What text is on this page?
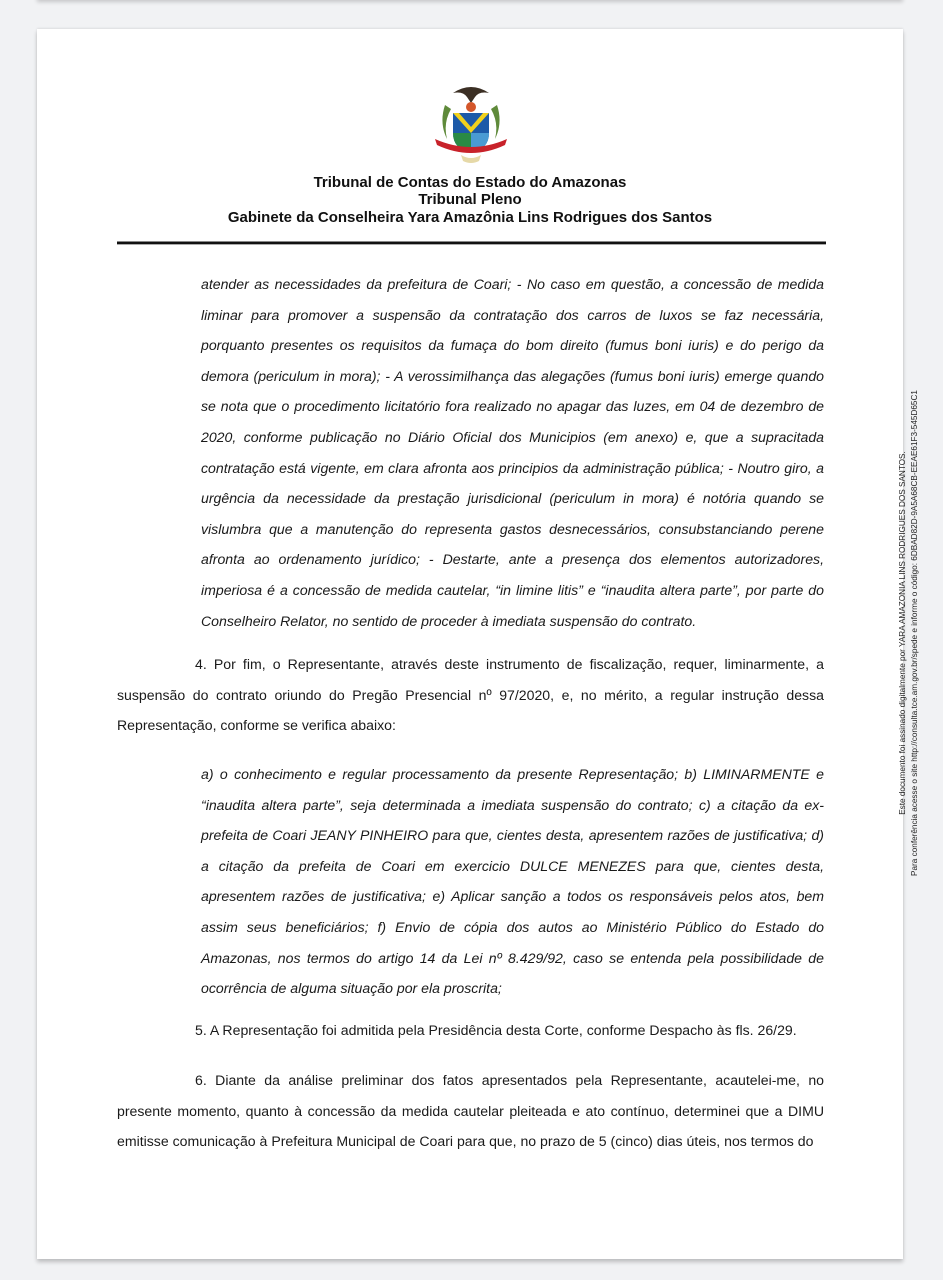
Tribunal de Contas do Estado do Amazonas
Tribunal Pleno
Gabinete da Conselheira Yara Amazônia Lins Rodrigues dos Santos

atender as necessidades da prefeitura de Coari; - No caso em questão, a concessão de medida liminar para promover a suspensão da contratação dos carros de luxos se faz necessária, porquanto presentes os requisitos da fumaça do bom direito (fumus boni iuris) e do perigo da demora (periculum in mora); - A verossimilhança das alegações (fumus boni iuris) emerge quando se nota que o procedimento licitatório fora realizado no apagar das luzes, em 04 de dezembro de 2020, conforme publicação no Diário Oficial dos Municipios (em anexo) e, que a supracitada contratação está vigente, em clara afronta aos principios da administração pública; - Noutro giro, a urgência da necessidade da prestação jurisdicional (periculum in mora) é notória quando se vislumbra que a manutenção do representa gastos desnecessários, consubstanciando perene afronta ao ordenamento jurídico; - Destarte, ante a presença dos elementos autorizadores, imperiosa é a concessão de medida cautelar, “in limine litis” e “inaudita altera parte”, por parte do Conselheiro Relator, no sentido de proceder à imediata suspensão do contrato.

4. Por fim, o Representante, através deste instrumento de fiscalização, requer, liminarmente, a suspensão do contrato oriundo do Pregão Presencial nº 97/2020, e, no mérito, a regular instrução dessa Representação, conforme se verifica abaixo:

a) o conhecimento e regular processamento da presente Representação; b) LIMINARMENTE e “inaudita altera parte”, seja determinada a imediata suspensão do contrato; c) a citação da ex-prefeita de Coari JEANY PINHEIRO para que, cientes desta, apresentem razões de justificativa; d) a citação da prefeita de Coari em exercicio DULCE MENEZES para que, cientes desta, apresentem razões de justificativa; e) Aplicar sanção a todos os responsáveis pelos atos, bem assim seus beneficiários; f) Envio de cópia dos autos ao Ministério Público do Estado do Amazonas, nos termos do artigo 14 da Lei nº 8.429/92, caso se entenda pela possibilidade de ocorrência de alguma situação por ela proscrita;

5. A Representação foi admitida pela Presidência desta Corte, conforme Despacho às fls. 26/29.

6. Diante da análise preliminar dos fatos apresentados pela Representante, acautelei-me, no presente momento, quanto à concessão da medida cautelar pleiteada e ato contínuo, determinei que a DIMU emitisse comunicação à Prefeitura Municipal de Coari para que, no prazo de 5 (cinco) dias úteis, nos termos do

Este documento foi assinado digitalmente por YARA AMAZONIA LINS RODRIGUES DOS SANTOS. Para conferência acesse o site http://consulta.tce.am.gov.br/spede e informe o código: 6DBAD82D-9A5A68CB-EEAE61F3-545D65C1
